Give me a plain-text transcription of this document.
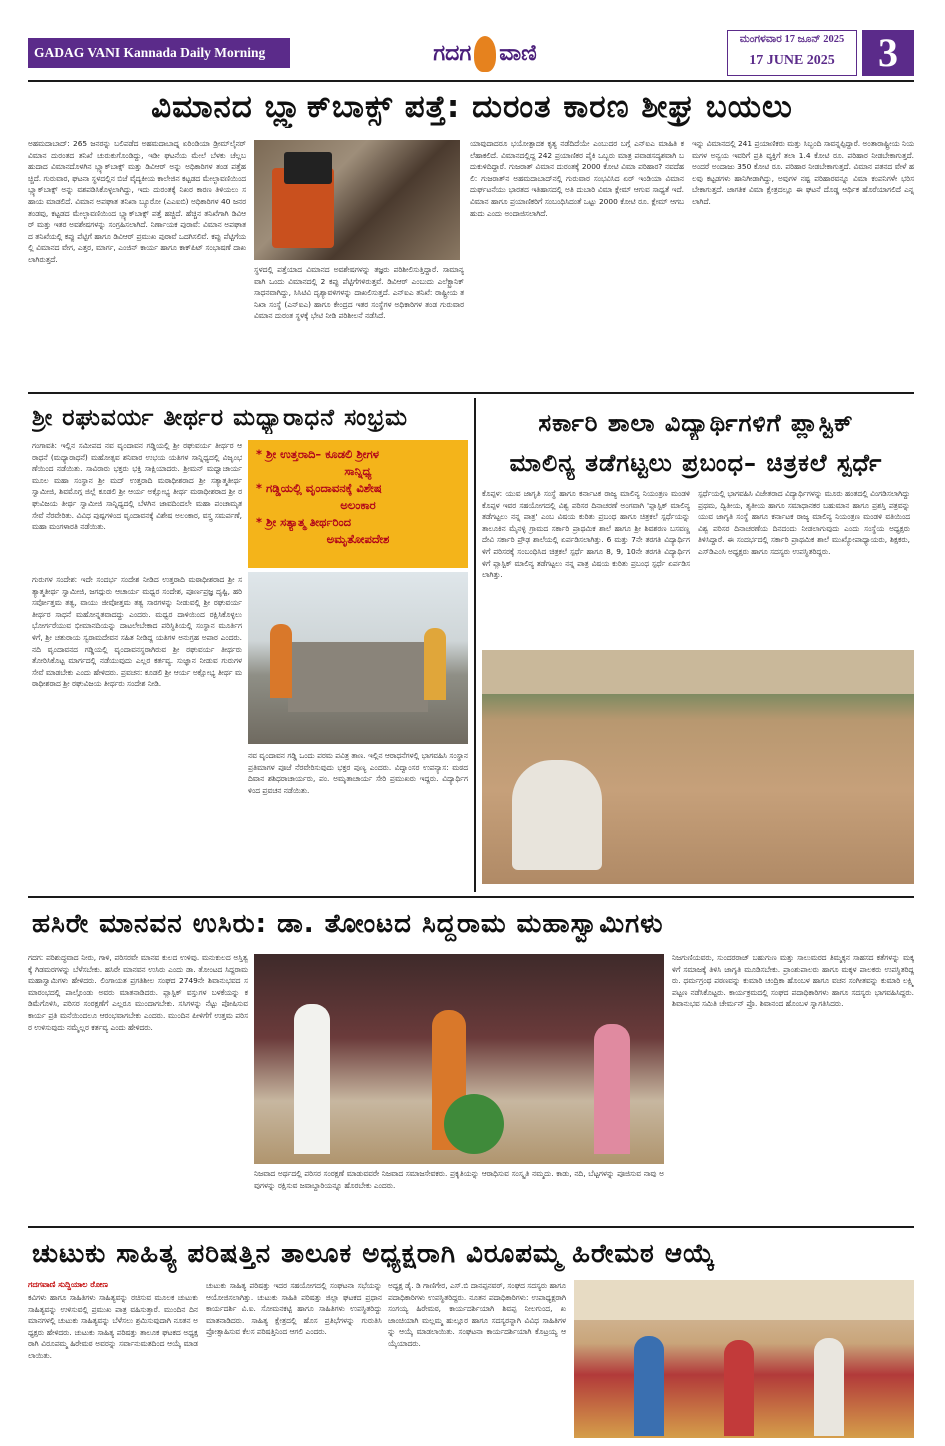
GADAG VANI Kannada Daily Morning	ಗದಗ ವಾಣಿ
ಮಂಗಳವಾರ 17 ಜೂನ್ 2025
17 JUNE 2025	3
ವಿಮಾನದ ಬ್ಲ್ಯಾಕ್‌ಬಾಕ್ಸ್ ಪತ್ತೆ: ದುರಂತ ಕಾರಣ ಶೀಘ್ರ ಬಯಲು
ಅಹಮದಾಬಾದ್: 265 ಜನರನ್ನು ಬಲಿಪಡೆದ ಅಹಮದಾಬಾದ್ನ ಏರಿಂಡಿಯಾ ಡ್ರೀಮ್‌ಲೈನರ್ ವಿಮಾನ ದುರಂತದ ತನಿಖೆ ಚುರುಕುಗೊಂಡಿದ್ದು, ಇಡೀ ಘಟನೆಯ ಮೇಲೆ ಬೆಳಕು ಚೆಲ್ಲಬಹುದಾದ ವಿಮಾನದೊಳಗಿನ ಬ್ಲ್ಯಾಕ್‌ಬಾಕ್ಸ್ ಮತ್ತು ಡಿವಿಆರ್ ಅನ್ನು ಅಧಿಕಾರಿಗಳ ತಂಡ ಪತ್ತೆಹಚ್ಚಿದೆ. ಗುರುವಾರ, ಘಟನಾ ಸ್ಥಳದಲ್ಲಿನ ಬಿಜೆ ವೈದ್ಯಕೀಯ ಕಾಲೇಜಿನ ಕಟ್ಟಡದ ಮೇಲ್ಛಾವಣಿಯಿಂದ ಬ್ಲ್ಯಾಕ್‌ಬಾಕ್ಸ್ ಅನ್ನು ವಶಪಡಿಸಿಕೊಳ್ಳಲಾಗಿದ್ದು, ಇದು ದುರಂತಕ್ಕೆ ನಿಖರ ಕಾರಣ ತಿಳಿಯಲು ಸಹಾಯ ಮಾಡಲಿದೆ. ವಿಮಾನ ಅಪಘಾತ ತನಿಖಾ ಬ್ಯೂರೋ (ಎಎಐಬಿ) ಅಧಿಕಾರಿಗಳ 40 ಜನರ ತಂಡವು, ಕಟ್ಟಡದ ಮೇಲ್ಛಾವಣಿಯಿಂದ ಬ್ಲ್ಯಾಕ್‌ಬಾಕ್ಸ್ ಪತ್ತೆ ಹಚ್ಚಿದೆ. ಹೆಚ್ಚಿನ ತನಿಖೆಗಾಗಿ ಡಿವಿಆರ್ ಮತ್ತು ಇತರ ಅವಶೇಷಗಳನ್ನು ಸಂಗ್ರಹಿಸಲಾಗಿದೆ. ನಿರ್ಣಾಯಕ ಪುರಾವೆ: ವಿಮಾನ ಅಪಘಾತದ ತನಿಖೆಯಲ್ಲಿ ಕಪ್ಪು ಪೆಟ್ಟಿಗೆ ಹಾಗೂ ಡಿವಿಆರ್ ಪ್ರಮುಖ ಪುರಾವೆ ಒದಗಿಸಲಿವೆ. ಕಪ್ಪು ಪೆಟ್ಟಿಗೆಯಲ್ಲಿ ವಿಮಾನದ ವೇಗ, ಎತ್ತರ, ಮಾರ್ಗ, ಎಂಜಿನ್ ಕಾರ್ಯ ಹಾಗೂ ಕಾಕ್‌ಪಿಟ್ ಸಂಭಾಷಣೆ ದಾಖಲಾಗಿರುತ್ತದೆ.
ಸ್ಥಳದಲ್ಲಿ ಪತ್ತೆಯಾದ ವಿಮಾನದ ಅವಶೇಷಗಳನ್ನು ತಜ್ಞರು ಪರಿಶೀಲಿಸುತ್ತಿದ್ದಾರೆ. ಸಾಮಾನ್ಯವಾಗಿ ಒಂದು ವಿಮಾನದಲ್ಲಿ 2 ಕಪ್ಪು ಪೆಟ್ಟಿಗೆಗಳಿರುತ್ತವೆ. ಡಿವಿಆರ್ ಎಂಬುದು ಎಲೆಕ್ಟ್ರಾನಿಕ್ ಸಾಧನವಾಗಿದ್ದು, ಸಿಸಿಟಿವಿ ದೃಶ್ಯಾವಳಿಗಳನ್ನು ದಾಖಲಿಸುತ್ತದೆ. ಎನ್ಐಎ ತನಿಖೆ: ರಾಷ್ಟ್ರೀಯ ತನಿಖಾ ಸಂಸ್ಥೆ (ಎನ್ಐಎ) ಹಾಗೂ ಕೇಂದ್ರದ ಇತರ ಸಂಸ್ಥೆಗಳ ಅಧಿಕಾರಿಗಳ ತಂಡ ಗುರುವಾರ ವಿಮಾನ ದುರಂತ ಸ್ಥಳಕ್ಕೆ ಭೇಟಿ ನೀಡಿ ಪರಿಶೀಲನೆ ನಡೆಸಿದೆ.
ಯಾವುದಾದರೂ ಭಯೋತ್ಪಾದಕ ಕೃತ್ಯ ನಡೆದಿದೆಯೇ ಎಂಬುದರ ಬಗ್ಗೆ ಎನ್ಐಎ ಮಾಹಿತಿ ಕಲೆಹಾಕಲಿದೆ. ವಿಮಾನದಲ್ಲಿದ್ದ 242 ಪ್ರಯಾಣಿಕರ ಪೈಕಿ ಒಬ್ಬರು ಮಾತ್ರ ಪವಾಡಸದೃಶವಾಗಿ ಬದುಕುಳಿದಿದ್ದಾರೆ. ಗುಜರಾತ್ ವಿಮಾನ ದುರಂತಕ್ಕೆ 2000 ಕೋಟಿ ವಿಮಾ ಪರಿಹಾರ? ನವದೆಹಲಿ: ಗುಜರಾತ್‌ನ ಅಹಮದಾಬಾದ್‌ನಲ್ಲಿ ಗುರುವಾರ ಸಂಭವಿಸಿದ ಏರ್ ಇಂಡಿಯಾ ವಿಮಾನ ದುರ್ಘಟನೆಯು ಭಾರತದ ಇತಿಹಾಸದಲ್ಲಿ ಅತಿ ದುಬಾರಿ ವಿಮಾ ಕ್ಲೇಮ್ ಆಗುವ ಸಾಧ್ಯತೆ ಇದೆ. ವಿಮಾನ ಹಾಗೂ ಪ್ರಯಾಣಿಕರಿಗೆ ಸಂಬಂಧಿಸಿದಂತೆ ಒಟ್ಟು 2000 ಕೋಟಿ ರೂ. ಕ್ಲೇಮ್ ಆಗಬಹುದು ಎಂದು ಅಂದಾಜಿಸಲಾಗಿದೆ.
ಇನ್ನು ವಿಮಾನದಲ್ಲಿ 241 ಪ್ರಯಾಣಿಕರು ಮತ್ತು ಸಿಬ್ಬಂದಿ ಸಾವನ್ನಪ್ಪಿದ್ದಾರೆ. ಅಂತಾರಾಷ್ಟ್ರೀಯ ನಿಯಮಗಳ ಅನ್ವಯ ಇವರಿಗೆ ಪ್ರತಿ ವ್ಯಕ್ತಿಗೆ ತಲಾ 1.4 ಕೋಟಿ ರೂ. ಪರಿಹಾರ ನೀಡಬೇಕಾಗುತ್ತದೆ. ಅಂದರೆ ಅಂದಾಜು 350 ಕೋಟಿ ರೂ. ಪರಿಹಾರ ನೀಡಬೇಕಾಗುತ್ತದೆ. ವಿಮಾನ ಪತನದ ವೇಳೆ ಹಲವು ಕಟ್ಟಡಗಳು ಹಾನಿಗೀಡಾಗಿದ್ದು, ಅವುಗಳ ನಷ್ಟ ಪರಿಹಾರವನ್ನೂ ವಿಮಾ ಕಂಪನಿಗಳೇ ಭರಿಸಬೇಕಾಗುತ್ತದೆ. ಜಾಗತಿಕ ವಿಮಾ ಕ್ಷೇತ್ರದಲ್ಲೂ ಈ ಘಟನೆ ದೊಡ್ಡ ಆರ್ಥಿಕ ಹೊರೆಯಾಗಲಿದೆ ಎನ್ನಲಾಗಿದೆ.
ಶ್ರೀ ರಘುವರ್ಯ ತೀರ್ಥರ ಮಧ್ಯಾರಾಧನೆ ಸಂಭ್ರಮ
ಗಂಗಾವತಿ: ಇಲ್ಲಿನ ಸಮೀಪದ ನವ ವೃಂದಾವನ ಗಡ್ಡಿಯಲ್ಲಿ ಶ್ರೀ ರಘುವರ್ಯ ತೀರ್ಥರ ಆರಾಧನೆ (ಮಧ್ಯಾರಾಧನೆ) ಮಹೋತ್ಸವ ಶನಿವಾರ ಉಭಯ ಯತಿಗಳ ಸಾನ್ನಿಧ್ಯದಲ್ಲಿ ವಿಜೃಂಭಣೆಯಿಂದ ನಡೆಯಿತು. ಸಾವಿರಾರು ಭಕ್ತರು ಭಕ್ತಿ ಸಾಕ್ಷಿಯಾದರು. ಶ್ರೀಮನ್ ಮಧ್ವಾಚಾರ್ಯ ಮೂಲ ಮಹಾ ಸಂಸ್ಥಾನ ಶ್ರೀ ಮದ್ ಉತ್ತರಾದಿ ಮಠಾಧೀಶರಾದ ಶ್ರೀ ಸತ್ಯಾತ್ಮತೀರ್ಥ ಸ್ವಾಮೀಜಿ, ಶಿವಮೊಗ್ಗ ಜಿಲ್ಲೆ ಕೂಡಲಿ ಶ್ರೀ ಆರ್ಯ ಅಕ್ಷೋಭ್ಯ ತೀರ್ಥ ಮಠಾಧೀಶರಾದ ಶ್ರೀ ರಘುವಿಜಯ ತೀರ್ಥ ಸ್ವಾಮೀಜಿ ಸಾನ್ನಿಧ್ಯದಲ್ಲಿ ಬೆಳಗಿನ ಜಾವದಿಂದಲೇ ಮಹಾ ಪಂಚಾಮೃತ ಸೇವೆ ನೆರವೇರಿತು. ವಿವಿಧ ಪುಷ್ಪಗಳಿಂದ ವೃಂದಾವನಕ್ಕೆ ವಿಶೇಷ ಅಲಂಕಾರ, ವಸ್ತ್ರ ಸಮರ್ಪಣೆ, ಮಹಾ ಮಂಗಳಾರತಿ ನಡೆಯಿತು.
* ಶ್ರೀ ಉತ್ತರಾದಿ– ಕೂಡಲಿ ಶ್ರೀಗಳ
ಸಾನ್ನಿಧ್ಯ
* ಗಡ್ಡಿಯಲ್ಲಿ ವೃಂದಾವನಕ್ಕೆ ವಿಶೇಷ
ಅಲಂಕಾರ
* ಶ್ರೀ ಸತ್ಯಾತ್ಮ ತೀರ್ಥರಿಂದ
ಅಮೃತೋಪದೇಶ
ಗುರುಗಳ ಸಂದೇಶ: ಇದೇ ಸಂದರ್ಭ ಸಂದೇಶ ನೀಡಿದ ಉತ್ತರಾದಿ ಮಠಾಧೀಶರಾದ ಶ್ರೀ ಸತ್ಯಾತ್ಮತೀರ್ಥ ಸ್ವಾಮೀಜಿ, ಜಗದ್ಗುರು ಆಚಾರ್ಯ ಮಧ್ವರ ಸಂದೇಶ, ಪೂರ್ಣಪ್ರಜ್ಞ ದೃಷ್ಟಿ, ಹರಿ ಸರ್ವೋತ್ತಮ ತತ್ವ, ವಾಯು ಜೀವೋತ್ತಮ ತತ್ವ ಸಾರಗಳನ್ನು ನೀಡುವಲ್ಲಿ ಶ್ರೀ ರಘುವರ್ಯ ತೀರ್ಥರ ಸಾಧನೆ ಮಹೋನ್ನತವಾದದ್ದು ಎಂದರು. ಮಧ್ವರ ದಾಳಿಯಿಂದ ರಕ್ಷಿಸಿಕೊಳ್ಳಲು ಭೋರ್ಗರೆಯುವ ಭೀಮಾನದಿಯನ್ನು ದಾಟಲೇಬೇಕಾದ ಪರಿಸ್ಥಿತಿಯಲ್ಲಿ ಸಂಸ್ಥಾನ ಮೂರ್ತಿಗಳಿಗೆ, ಶ್ರೀ ಚತುರಾಯ ಸ್ವರಾಮದೇವನ ಸಹಿತ ನೀಡಿದ್ದ ಯತಿಗಳ ಅನುಗ್ರಹ ಅಪಾರ ಎಂದರು. ನದಿ ವೃಂದಾವನದ ಗಡ್ಡಿಯಲ್ಲಿ ವೃಂದಾವನಸ್ಥರಾಗಿರುವ ಶ್ರೀ ರಘುವರ್ಯ ತೀರ್ಥರು ತೋರಿಸಿಕೊಟ್ಟ ಮಾರ್ಗದಲ್ಲಿ ನಡೆಯುವುದು ಎಲ್ಲರ ಕರ್ತವ್ಯ. ಸುಜ್ಞಾನ ನೀಡುವ ಗುರುಗಳ ಸೇವೆ ಮಾಡಬೇಕು ಎಂದು ಹೇಳಿದರು. ಪ್ರವಚನ: ಕೂಡಲಿ ಶ್ರೀ ಆರ್ಯ ಅಕ್ಷೋಭ್ಯ ತೀರ್ಥ ಮಠಾಧೀಶರಾದ ಶ್ರೀ ರಘುವಿಜಯ ತೀರ್ಥರು ಸಂದೇಶ ನೀಡಿ.
ನವ ವೃಂದಾವನ ಗಡ್ಡಿ ಒಂದು ಪರಮ ಪವಿತ್ರ ತಾಣ. ಇಲ್ಲಿನ ಆರಾಧನೆಗಳಲ್ಲಿ ಭಾಗವಹಿಸಿ ಸಂಸ್ಥಾನ ಪ್ರತಿಮಾಗಳ ಪೂಜೆ ನೆರವೇರಿಸುವುದು ಭಕ್ತರ ಪುಣ್ಯ ಎಂದರು. ವಿದ್ವಾಂಸರ ಉಪನ್ಯಾಸ: ಮಠದ ದಿವಾನ ಶಶಿಧರಾಚಾರ್ಯರು, ಪಂ. ಅಮೃತಾಚಾರ್ಯ ಸೇರಿ ಪ್ರಮುಖರು ಇದ್ದರು. ವಿದ್ಯಾರ್ಥಿಗಳಿಂದ ಪ್ರವಚನ ನಡೆಯಿತು.
ಸರ್ಕಾರಿ ಶಾಲಾ ವಿದ್ಯಾರ್ಥಿಗಳಿಗೆ ಪ್ಲಾಸ್ಟಿಕ್
ಮಾಲಿನ್ಯ ತಡೆಗಟ್ಟಲು ಪ್ರಬಂಧ– ಚಿತ್ರಕಲೆ ಸ್ಪರ್ಧೆ
ಕೊಪ್ಪಳ: ಯುವ ಜಾಗೃತಿ ಸಂಸ್ಥೆ ಹಾಗೂ ಕರ್ನಾಟಕ ರಾಜ್ಯ ಮಾಲಿನ್ಯ ನಿಯಂತ್ರಣ ಮಂಡಳಿ ಕೊಪ್ಪಳ ಇವರ ಸಹಯೋಗದಲ್ಲಿ ವಿಶ್ವ ಪರಿಸರ ದಿನಾಚರಣೆ ಅಂಗವಾಗಿ 'ಪ್ಲಾಸ್ಟಿಕ್ ಮಾಲಿನ್ಯ ತಡೆಗಟ್ಟಲು ನನ್ನ ಪಾತ್ರ' ಎಂಬ ವಿಷಯ ಕುರಿತು ಪ್ರಬಂಧ ಹಾಗೂ ಚಿತ್ರಕಲೆ ಸ್ಪರ್ಧೆಯನ್ನು ತಾಲೂಕಿನ ಮೈನಳ್ಳಿ ಗ್ರಾಮದ ಸರ್ಕಾರಿ ಪ್ರಾಥಮಿಕ ಶಾಲೆ ಹಾಗೂ ಶ್ರೀ ಶಿವಶರಣ ಬಸವಣ್ಣ ದೇವಿ ಸರ್ಕಾರಿ ಪ್ರೌಢ ಶಾಲೆಯಲ್ಲಿ ಏರ್ಪಡಿಸಲಾಗಿತ್ತು. 6 ಮತ್ತು 7ನೇ ತರಗತಿ ವಿದ್ಯಾರ್ಥಿಗಳಿಗೆ ಪರಿಸರಕ್ಕೆ ಸಂಬಂಧಿಸಿದ ಚಿತ್ರಕಲೆ ಸ್ಪರ್ಧೆ ಹಾಗೂ 8, 9, 10ನೇ ತರಗತಿ ವಿದ್ಯಾರ್ಥಿಗಳಿಗೆ ಪ್ಲಾಸ್ಟಿಕ್ ಮಾಲಿನ್ಯ ತಡೆಗಟ್ಟಲು ನನ್ನ ಪಾತ್ರ ವಿಷಯ ಕುರಿತು ಪ್ರಬಂಧ ಸ್ಪರ್ಧೆ ಏರ್ಪಡಿಸಲಾಗಿತ್ತು.
ಸ್ಪರ್ಧೆಯಲ್ಲಿ ಭಾಗವಹಿಸಿ ವಿಜೇತರಾದ ವಿದ್ಯಾರ್ಥಿಗಳನ್ನು ಮೂರು ಹಂತದಲ್ಲಿ ವಿಂಗಡಿಸಲಾಗಿದ್ದು ಪ್ರಥಮ, ದ್ವಿತೀಯ, ತೃತೀಯ ಹಾಗೂ ಸಮಾಧಾನಕರ ಬಹುಮಾನ ಹಾಗೂ ಪ್ರಶಸ್ತಿ ಪತ್ರವನ್ನು ಯುವ ಜಾಗೃತಿ ಸಂಸ್ಥೆ ಹಾಗೂ ಕರ್ನಾಟಕ ರಾಜ್ಯ ಮಾಲಿನ್ಯ ನಿಯಂತ್ರಣ ಮಂಡಳಿ ವತಿಯಿಂದ ವಿಶ್ವ ಪರಿಸರ ದಿನಾಚರಣೆಯ ದಿನದಂದು ನೀಡಲಾಗುವುದು ಎಂದು ಸಂಸ್ಥೆಯ ಅಧ್ಯಕ್ಷರು ತಿಳಿಸಿದ್ದಾರೆ. ಈ ಸಂದರ್ಭದಲ್ಲಿ ಸರ್ಕಾರಿ ಪ್ರಾಥಮಿಕ ಶಾಲೆ ಮುಖ್ಯೋಪಾಧ್ಯಾಯರು, ಶಿಕ್ಷಕರು, ಎಸ್‌ಡಿಎಂಸಿ ಅಧ್ಯಕ್ಷರು ಹಾಗೂ ಸದಸ್ಯರು ಉಪಸ್ಥಿತರಿದ್ದರು.
ಹಸಿರೇ ಮಾನವನ ಉಸಿರು: ಡಾ. ತೋಂಟದ ಸಿದ್ದರಾಮ ಮಹಾಸ್ವಾಮಿಗಳು
ಗದಗ: ಪರಿಶುದ್ಧವಾದ ನೀರು, ಗಾಳಿ, ಪರಿಸರವೇ ಮಾನವ ಕುಲದ ಉಳಿವು. ಮನುಕುಲದ ಅಸ್ತಿತ್ವಕ್ಕೆ ಗಿಡಮರಗಳನ್ನು ಬೆಳೆಸಬೇಕು. ಹಸಿರೇ ಮಾನವನ ಉಸಿರು ಎಂದು ಡಾ. ತೋಂಟದ ಸಿದ್ದರಾಮ ಮಹಾಸ್ವಾಮಿಗಳು ಹೇಳಿದರು. ಲಿಂಗಾಯತ ಪ್ರಗತಿಶೀಲ ಸಂಘದ 2749ನೇ ಶಿವಾನುಭವದ ಸಮಾರಂಭದಲ್ಲಿ ಪಾಲ್ಗೊಂಡು ಅವರು ಮಾತನಾಡಿದರು. ಪ್ಲಾಸ್ಟಿಕ್ ವಸ್ತುಗಳ ಬಳಕೆಯನ್ನು ಕಡಿಮೆಗೊಳಿಸಿ, ಪರಿಸರ ಸಂರಕ್ಷಣೆಗೆ ಎಲ್ಲರೂ ಮುಂದಾಗಬೇಕು. ಸಸಿಗಳನ್ನು ನೆಟ್ಟು ಪೋಷಿಸುವ ಕಾರ್ಯ ಪ್ರತಿ ಮನೆಯಿಂದಲೂ ಆರಂಭವಾಗಬೇಕು ಎಂದರು. ಮುಂದಿನ ಪೀಳಿಗೆಗೆ ಉತ್ತಮ ಪರಿಸರ ಉಳಿಸುವುದು ನಮ್ಮೆಲ್ಲರ ಕರ್ತವ್ಯ ಎಂದು ಹೇಳಿದರು.
ನಿಜವಾದ ಅರ್ಥದಲ್ಲಿ ಪರಿಸರ ಸಂರಕ್ಷಣೆ ಮಾಡುವವರೇ ನಿಜವಾದ ಸಮಾಜಸೇವಕರು. ಪ್ರಕೃತಿಯನ್ನು ಆರಾಧಿಸುವ ಸಂಸ್ಕೃತಿ ನಮ್ಮದು. ಕಾಡು, ನದಿ, ಬೆಟ್ಟಗಳನ್ನು ಪೂಜಿಸುವ ನಾವು ಅವುಗಳನ್ನು ರಕ್ಷಿಸುವ ಜವಾಬ್ದಾರಿಯನ್ನೂ ಹೊರಬೇಕು ಎಂದರು.
ನಿಜಗುಣಿಯವರು, ಸುಂದರರಾಜ್ ಬಹುಗುಣ ಮತ್ತು ಸಾಲುಮರದ ತಿಮ್ಮಕ್ಕನ ಸಾಹಸದ ಕತೆಗಳನ್ನು ಮಕ್ಕಳಿಗೆ ಸಮಾಜಕ್ಕೆ ತಿಳಿಸಿ ಜಾಗೃತಿ ಮೂಡಿಸಬೇಕು. ಪ್ರಾಂಶುಪಾಲರು ಹಾಗೂ ಮಕ್ಕಳ ಪಾಲಕರು ಉಪಸ್ಥಿತರಿದ್ದರು. ಧರ್ಮಗ್ರಂಥ ಪಠಣವನ್ನು ಕುಮಾರಿ ಚಂದ್ರಿಕಾ ಹೊಂಬಳ ಹಾಗೂ ವಚನ ಸಂಗೀತವನ್ನು ಕುಮಾರಿ ಲಕ್ಷ್ಮಿ ಪಟ್ಟಣ ನಡೆಸಿಕೊಟ್ಟರು. ಕಾರ್ಯಕ್ರಮದಲ್ಲಿ ಸಂಘದ ಪದಾಧಿಕಾರಿಗಳು ಹಾಗೂ ಸದಸ್ಯರು ಭಾಗವಹಿಸಿದ್ದರು. ಶಿವಾನುಭವ ಸಮಿತಿ ಚೇರ್ಮನ್ ಪ್ರೊ. ಶಿವಾನಂದ ಹೊಂಬಳ ಸ್ವಾಗತಿಸಿದರು.
ಚುಟುಕು ಸಾಹಿತ್ಯ ಪರಿಷತ್ತಿನ ತಾಲೂಕ ಅಧ್ಯಕ್ಷರಾಗಿ ವಿರೂಪಮ್ಮ ಹಿರೇಮಠ ಆಯ್ಕೆ
ಗದಗವಾಣಿ ಸುದ್ದಿಯಾಲ ರೋಣ
ಕವಿಗಳು ಹಾಗೂ ಸಾಹಿತಿಗಳು ಸಾಹಿತ್ಯವನ್ನು ರಚಿಸುವ ಮೂಲಕ ಚುಟುಕು ಸಾಹಿತ್ಯವನ್ನು ಉಳಿಸುವಲ್ಲಿ ಪ್ರಮುಖ ಪಾತ್ರ ವಹಿಸುತ್ತಾರೆ. ಮುಂದಿನ ದಿನಮಾನಗಳಲ್ಲಿ ಚುಟುಕು ಸಾಹಿತ್ಯವನ್ನು ಬೆಳೆಸಲು ಶ್ರಮಿಸುವುದಾಗಿ ನೂತನ ಅಧ್ಯಕ್ಷರು ಹೇಳಿದರು. ಚುಟುಕು ಸಾಹಿತ್ಯ ಪರಿಷತ್ತು ತಾಲೂಕ ಘಟಕದ ಅಧ್ಯಕ್ಷರಾಗಿ ವಿರೂಪಮ್ಮ ಹಿರೇಮಠ ಅವರನ್ನು ಸರ್ವಾನುಮತದಿಂದ ಆಯ್ಕೆ ಮಾಡಲಾಯಿತು.
ಚುಟುಕು ಸಾಹಿತ್ಯ ಪರಿಷತ್ತು ಇದರ ಸಹಯೋಗದಲ್ಲಿ ಸಂಘಟನಾ ಸಭೆಯನ್ನು ಆಯೋಜಿಸಲಾಗಿತ್ತು. ಚುಟುಕು ಸಾಹಿತಿ ಪರಿಷತ್ತು ಜಿಲ್ಲಾ ಘಟಕದ ಪ್ರಧಾನ ಕಾರ್ಯದರ್ಶಿ ವಿ.ಐ. ಸೋಮನಕಟ್ಟಿ ಹಾಗೂ ಸಾಹಿತಿಗಳು ಉಪಸ್ಥಿತರಿದ್ದು ಮಾತನಾಡಿದರು. ಸಾಹಿತ್ಯ ಕ್ಷೇತ್ರದಲ್ಲಿ ಹೊಸ ಪ್ರತಿಭೆಗಳನ್ನು ಗುರುತಿಸಿ ಪ್ರೋತ್ಸಾಹಿಸುವ ಕೆಲಸ ಪರಿಷತ್ತಿನಿಂದ ಆಗಲಿ ಎಂದರು.
ಅಧ್ಯಕ್ಷ ಡೈ. ಡಿ ಗಾಣಿಗೇರ, ಎಸ್.ಬಿ ದಾನಪ್ಪನವರ್, ಸಂಘದ ಸದಸ್ಯರು ಹಾಗೂ ಪದಾಧಿಕಾರಿಗಳು ಉಪಸ್ಥಿತರಿದ್ದರು. ನೂತನ ಪದಾಧಿಕಾರಿಗಳು: ಉಪಾಧ್ಯಕ್ಷರಾಗಿ ಸಂಗಯ್ಯ ಹಿರೇಮಠ, ಕಾರ್ಯದರ್ಶಿಯಾಗಿ ಶಿವಪ್ಪ ನೀಲಗುಂದ, ಖಜಾಂಚಿಯಾಗಿ ಮಲ್ಲಮ್ಮ ಹುಲ್ಲೂರ ಹಾಗೂ ಸದಸ್ಯರನ್ನಾಗಿ ವಿವಿಧ ಸಾಹಿತಿಗಳನ್ನು ಆಯ್ಕೆ ಮಾಡಲಾಯಿತು. ಸಂಘಟನಾ ಕಾರ್ಯದರ್ಶಿಯಾಗಿ ಕೊಟ್ರಯ್ಯ ಆಯ್ಕೆಯಾದರು.
